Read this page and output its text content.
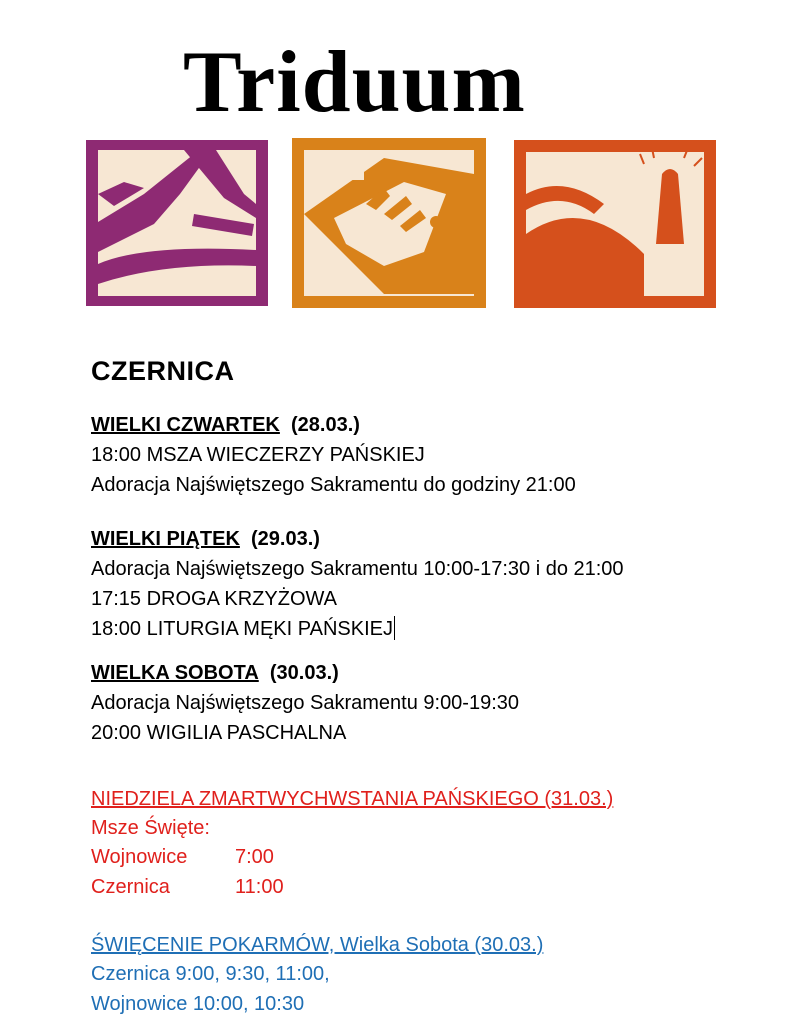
Triduum
CZERNICA
WIELKI CZWARTEK (28.03.)
18:00 MSZA WIECZERZY PAŃSKIEJ
Adoracja Najświętszego Sakramentu do godziny 21:00
WIELKI PIĄTEK (29.03.)
Adoracja Najświętszego Sakramentu 10:00-17:30 i do 21:00
17:15 DROGA KRZYŻOWA
18:00 LITURGIA MĘKI PAŃSKIEJ
WIELKA SOBOTA (30.03.)
Adoracja Najświętszego Sakramentu 9:00-19:30
20:00 WIGILIA PASCHALNA
NIEDZIELA ZMARTWYCHWSTANIA PAŃSKIEGO (31.03.)
Msze Święte:
Wojnowice 7:00
Czernica	11:00
ŚWIĘCENIE POKARMÓW, Wielka Sobota (30.03.)
Czernica 9:00, 9:30, 11:00,
Wojnowice 10:00, 10:30
